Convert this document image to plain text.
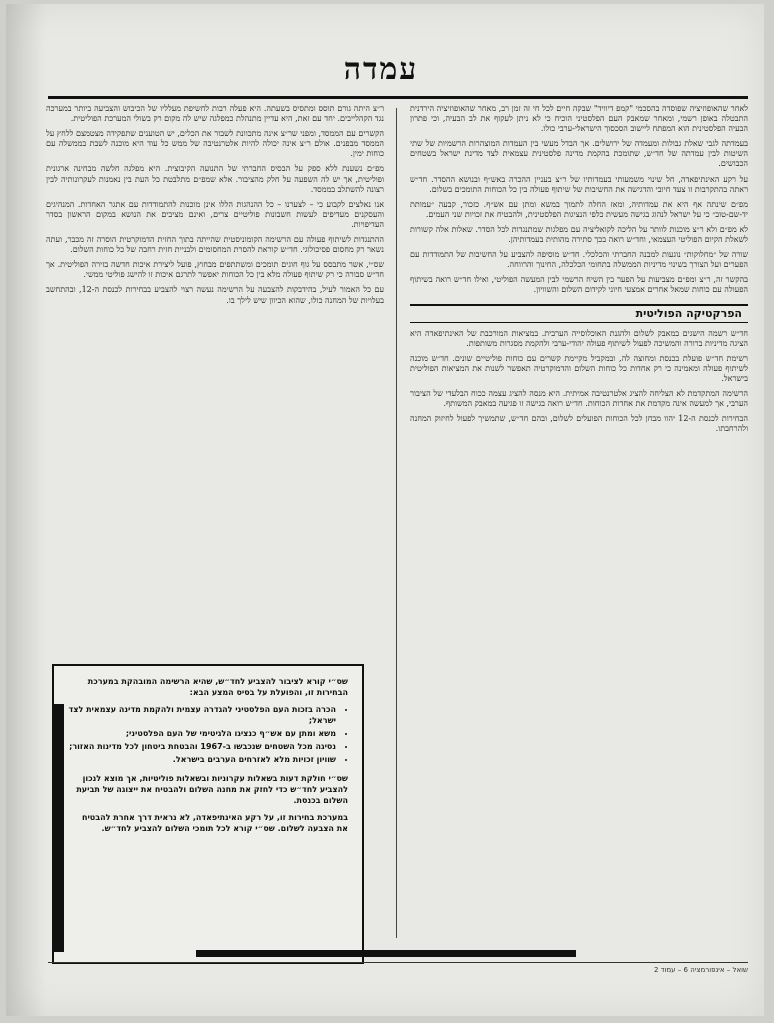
עמדה

לאחר שהאופוזיציה שפוסדה בהסכמי "קמפ דיוויד" שבקה חיים לכל חי זה זמן רב, מאחר שהאופוזיציה הירדנית התבטלה באופן רשמי, ומאחר שמאבק העם הפלסטיני הוכיח כי לא ניתן לעקוף את לב הבעיה, וכי פתרון הבעיה הפלסטינית הוא המפתח ליישוב הסכסוך הישראלי-ערבי כולו.

בעמדתה לגבי שאלת גבולות ומעמדה של ירושלים. אך הבדל מעשי בין העמדות המוצהרות הרשמיות של שתי השיטות לבין עמדתה של חד״ש, שתומכת בהקמת מדינה פלסטינית עצמאית לצד מדינת ישראל בשטחים הכבושים.

על רקע האינתיפאדה, חל שינוי משמעותי בעמדותיו של ר״צ בעניין ההכרה באש״ף ובנושא ההסדר. חד״ש ראתה בהתקרבות זו צעד חיובי והדגישה את החשיבות של שיתוף פעולה בין כל הכוחות התומכים בשלום.

מפ״ם שינתה אף היא את עמדותיה, ומאז החלה לתמוך במשא ומתן עם אש״ף. כזכור, קבעה ״עמותת יד-שם-טוב״ כי על ישראל לנהוג בגישה מעשית כלפי הנציגות הפלסטינית, ולהבטיח את זכויות שני העמים.

לא מפ״ם ולא ר״צ מוכנות לוותר על הליכה לקואליציה עם מפלגות שמתנגדות לכל הסדר. שאלות אלה קשורות לשאלת הקיום הפוליטי העצמאי, וחד״ש רואה בכך סתירה מהותית בעמדותיהן.

שורה של ״מחלוקות״ נוגעות למבנה החברתי והכלכלי. חד״ש מוסיפה להצביע על החשיבות של התמודדות עם הפערים ועל הצורך בשינוי מדיניות הממשלה בתחומי הכלכלה, החינוך והרווחה.

בהקשר זה, ר״צ ומפ״ם מצביעות על הפער בין השיח הרשמי לבין המעשה הפוליטי, ואילו חד״ש רואה בשיתוף הפעולה עם כוחות שמאל אחרים אמצעי חיוני לקידום השלום והשוויון.

הפרקטיקה הפוליטית

חד״ש רשמה הישגים במאבק לשלום ולהגנת האוכלוסייה הערבית. במציאות המורכבת של האינתיפאדה היא הציגה מדיניות ברורה והמשיכה לפעול לשיתוף פעולה יהודי-ערבי ולהקמת מסגרות משותפות.

רשימת חד״ש פועלת בכנסת ומחוצה לה, ובמקביל מקיימת קשרים עם כוחות פוליטיים שונים. חד״ש מוכנה לשיתוף פעולה ומאמינה כי רק אחדות כל כוחות השלום והדמוקרטיה תאפשר לשנות את המציאות הפוליטית בישראל.

הרשימה המתקדמת לא הצליחה להציג אלטרנטיבה אמיתית. היא מנסה להציג עצמה ככוח הבלעדי של הציבור הערבי, אך למעשה אינה מקדמת את אחדות הכוחות. חד״ש רואה בגישה זו פגיעה במאבק המשותף.

הבחירות לכנסת ה-12 יהוו מבחן לכל הכוחות הפועלים לשלום, ובהם חד״ש, שתמשיך לפעול לחיזוק המחנה ולהרחבתו.

ר״צ היתה גורם תוסס ומתסיס בשעתה. היא פעלה רבות לחשיפת מעלליו של הכיבוש והצביעה ביותר במערכה נגד הקהלייבים. יחד עם זאת, היא עדיין מתנהלת כמפלגה שיש לה מקום רק בשולי המערכת הפוליטית.

הקשרים עם הממסד, ומפני שר״צ אינה מתכוונת לשבור את הכלים, יש הטוענים שתפקידה מצטמצם ללחץ על הממסד מבפנים. אולם ר״צ אינה יכולה להיות אלטרנטיבה של ממש כל עוד היא מוכנה לשבת בממשלה עם כוחות ימין.

מפ״ם נשענת ללא ספק על הבסיס החברתי של התנועה הקיבוצית. היא מפלגה חלשה מבחינה ארגונית ופוליטית, אך יש לה השפעה על חלק מהציבור. אלא שמפ״ם מתלבטת כל העת בין נאמנות לעקרונותיה לבין רצונה להשתלב בממסד.

אנו נאלצים לקבוע כי – לצערנו – כל ההנהגות הללו אינן מוכנות להתמודדות עם אתגר האחדות. המנהיגים והעסקנים מעדיפים לעשות חשבונות פוליטיים צרים, ואינם מציבים את הנושא במקום הראשון בסדר העדיפויות.

ההתנגדות לשיתוף פעולה עם הרשימה הקומוניסטית שהייתה בתוך החזית הדמוקרטית הוסרה זה מכבר, ועתה נשאר רק מחסום פסיכולוגי. חד״ש קוראת להסרת המחסומים ולבניית חזית רחבה של כל כוחות השלום.

שס״י, אשר מתבסס על גוף חוגים תומכים ומשתתפים מבחוץ, פועל ליצירת איכות חדשה בזירה הפוליטית. אך חד״ש סבורה כי רק שיתוף פעולה מלא בין כל הכוחות יאפשר לתרגם איכות זו להישג פוליטי ממשי.

עם כל האמור לעיל, בהידבקות להצבעה על הרשימה נעשה רצוי להצביע בבחירות לכנסת ה-12, ובהתחשב בעלויות של המחנה כולו, שהוא הכיוון שיש לילך בו.

שס״י קורא לציבור להצביע לחד״ש, שהיא הרשימה המובהקת במערכת הבחירות זו, והפועלת על בסיס המצע הבא:

• הכרה בזכות העם הפלסטיני להגדרה עצמית ולהקמת מדינה עצמאית לצד ישראל;
• משא ומתן עם אש״ף כנציגו הלגיטימי של העם הפלסטיני;
• נסיגה מכל השטחים שנכבשו ב-1967 והבטחת ביטחון לכל מדינות האזור;
• שוויון זכויות מלא לאזרחים הערבים בישראל.

שס״י חולקת דעות בשאלות עקרוניות ובשאלות פוליטיות, אך מוצא לנכון להצביע לחד״ש כדי לחזק את מחנה השלום ולהבטיח את ייצוגה של תביעת השלום בכנסת.

במערכת בחירות זו, על רקע האינתיפאדה, לא נראית דרך אחרת להבטיח את הצבעה לשלום. שס״י קורא לכל תומכי השלום להצביע לחד״ש.

שואל – אינפורמציה 6 – עמוד 2
